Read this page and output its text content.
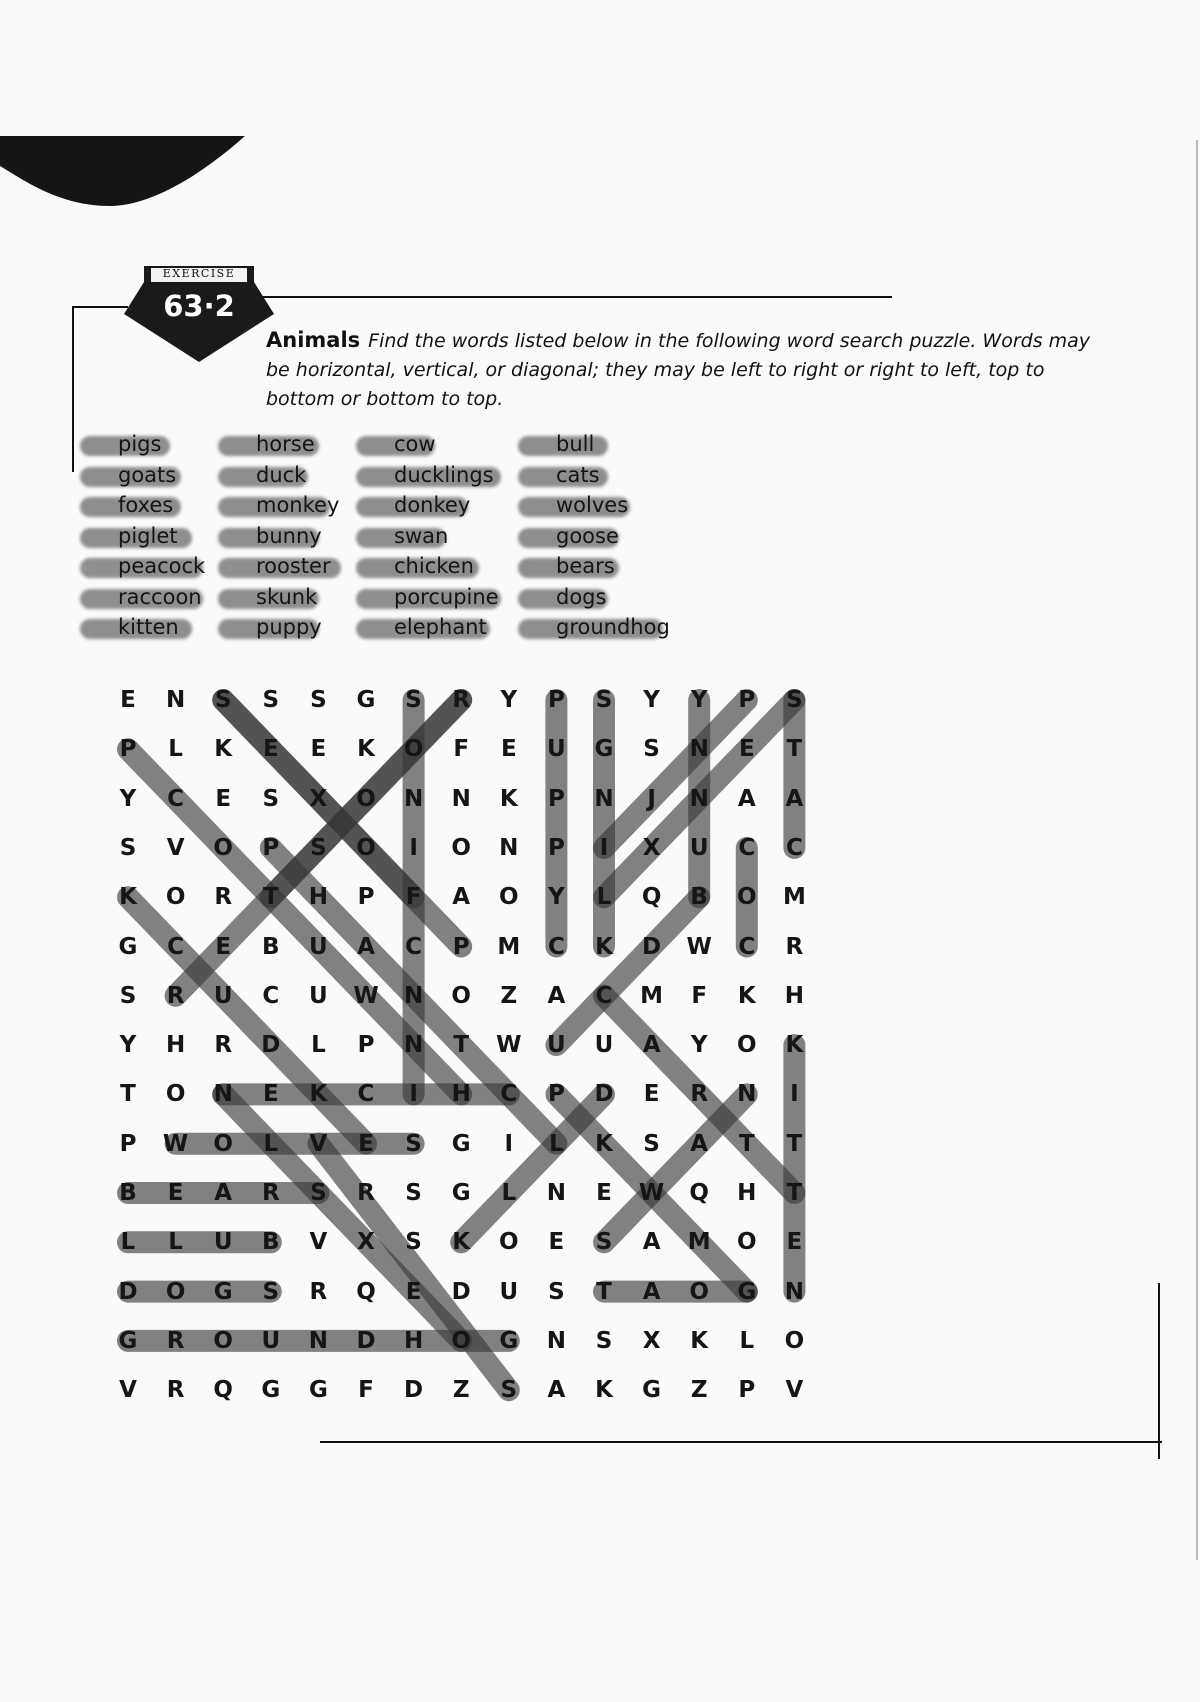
EXERCISE
63·2
Animals Find the words listed below in the following word search puzzle. Words may be horizontal, vertical, or diagonal; they may be left to right or right to left, top to bottom or bottom to top.
pigs
goats
foxes
piglet
peacock
raccoon
kitten
horse
duck
monkey
bunny
rooster
skunk
puppy
cow
ducklings
donkey
swan
chicken
porcupine
elephant
bull
cats
wolves
goose
bears
dogs
groundhog
E	N	S	S	S	G	S	R	Y	P	S	Y	Y	P	S
P	L	K	E	E	K	O	F	E	U	G	S	N	E	T
Y	C	E	S	X	O	N	N	K	P	N	J	N	A	A
S	V	O	P	S	O	I	O	N	P	I	X	U	C	C
K	O	R	T	H	P	F	A	O	Y	L	Q	B	O	M
G	C	E	B	U	A	C	P	M	C	K	D	W	C	R
S	R	U	C	U	W	N	O	Z	A	C	M	F	K	H
Y	H	R	D	L	P	N	T	W	U	U	A	Y	O	K
T	O	N	E	K	C	I	H	C	P	D	E	R	N	I
P	W	O	L	V	E	S	G	I	L	K	S	A	T	T
B	E	A	R	S	R	S	G	L	N	E	W	Q	H	T
L	L	U	B	V	X	S	K	O	E	S	A	M	O	E
D	O	G	S	R	Q	E	D	U	S	T	A	O	G	N
G	R	O	U	N	D	H	O	G	N	S	X	K	L	O
V	R	Q	G	G	F	D	Z	S	A	K	G	Z	P	V
